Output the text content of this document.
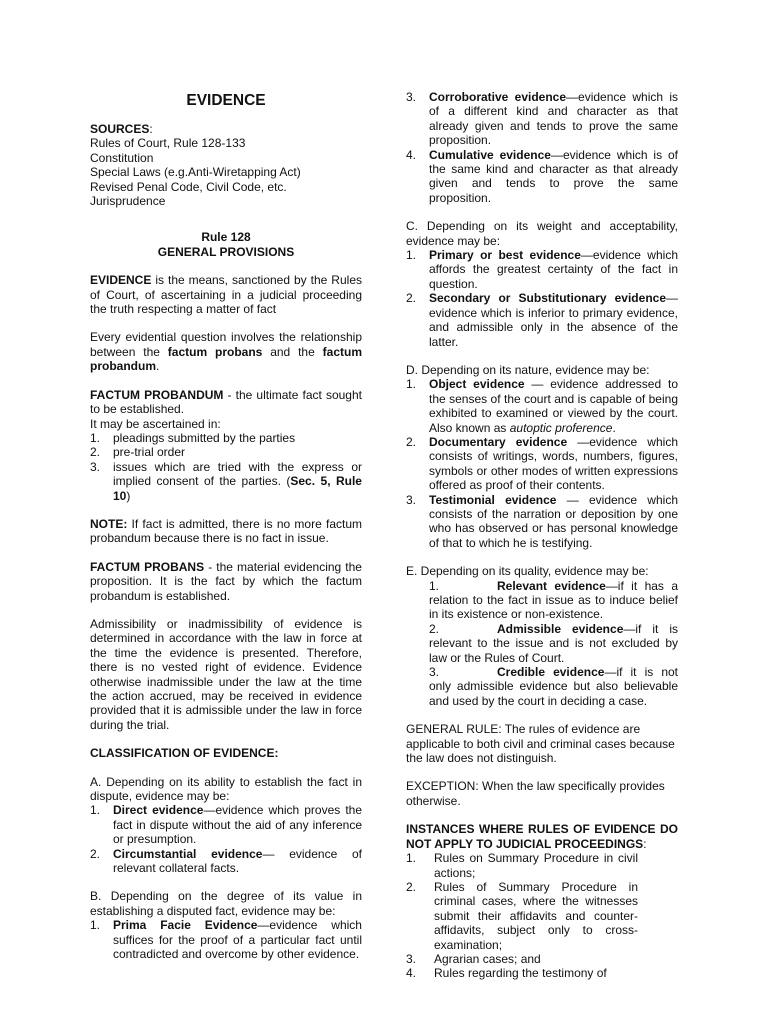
EVIDENCE
SOURCES:
Rules of Court, Rule 128-133
Constitution
Special Laws (e.g.Anti-Wiretapping Act)
Revised Penal Code, Civil Code, etc.
Jurisprudence
Rule 128
GENERAL PROVISIONS

EVIDENCE is the means, sanctioned by the Rules of Court, of ascertaining in a judicial proceeding the truth respecting a matter of fact

Every evidential question involves the relationship between the factum probans and the factum probandum.

FACTUM PROBANDUM - the ultimate fact sought to be established.

It may be ascertained in:
1. pleadings submitted by the parties
2. pre-trial order
3. issues which are tried with the express or implied consent of the parties. (Sec. 5, Rule 10)

NOTE: If fact is admitted, there is no more factum probandum because there is no fact in issue.

FACTUM PROBANS - the material evidencing the proposition. It is the fact by which the factum probandum is established.

Admissibility or inadmissibility of evidence is determined in accordance with the law in force at the time the evidence is presented. Therefore, there is no vested right of evidence. Evidence otherwise inadmissible under the law at the time the action accrued, may be received in evidence provided that it is admissible under the law in force during the trial.

CLASSIFICATION OF EVIDENCE:
A. Depending on its ability to establish the fact in dispute, evidence may be:
1. Direct evidence—evidence which proves the fact in dispute without the aid of any inference or presumption.
2. Circumstantial evidence— evidence of relevant collateral facts.
B. Depending on the degree of its value in establishing a disputed fact, evidence may be:
1. Prima Facie Evidence—evidence which suffices for the proof of a particular fact until contradicted and overcome by other evidence.
3. Corroborative evidence—evidence which is of a different kind and character as that already given and tends to prove the same proposition.
4. Cumulative evidence—evidence which is of the same kind and character as that already given and tends to prove the same proposition.
C. Depending on its weight and acceptability, evidence may be:
1. Primary or best evidence—evidence which affords the greatest certainty of the fact in question.
2. Secondary or Substitutionary evidence— evidence which is inferior to primary evidence, and admissible only in the absence of the latter.
D. Depending on its nature, evidence may be:
1. Object evidence — evidence addressed to the senses of the court and is capable of being exhibited to examined or viewed by the court. Also known as autoptic proference.
2. Documentary evidence —evidence which consists of writings, words, numbers, figures, symbols or other modes of written expressions offered as proof of their contents.
3. Testimonial evidence — evidence which consists of the narration or deposition by one who has observed or has personal knowledge of that to which he is testifying.
E. Depending on its quality, evidence may be:
1.	Relevant evidence—if it has a relation to the fact in issue as to induce belief in its existence or non-existence.
2.	Admissible evidence—if it is relevant to the issue and is not excluded by law or the Rules of Court.
3.	Credible evidence—if it is not only admissible evidence but also believable and used by the court in deciding a case.
GENERAL RULE: The rules of evidence are applicable to both civil and criminal cases because the law does not distinguish.
EXCEPTION: When the law specifically provides otherwise.

INSTANCES WHERE RULES OF EVIDENCE DO NOT APPLY TO JUDICIAL PROCEEDINGS:

1. Rules on Summary Procedure in civil actions;
2. Rules of Summary Procedure in criminal cases, where the witnesses submit their affidavits and counter-affidavits, subject only to cross-examination;
3. Agrarian cases; and
4. Rules regarding the testimony of
